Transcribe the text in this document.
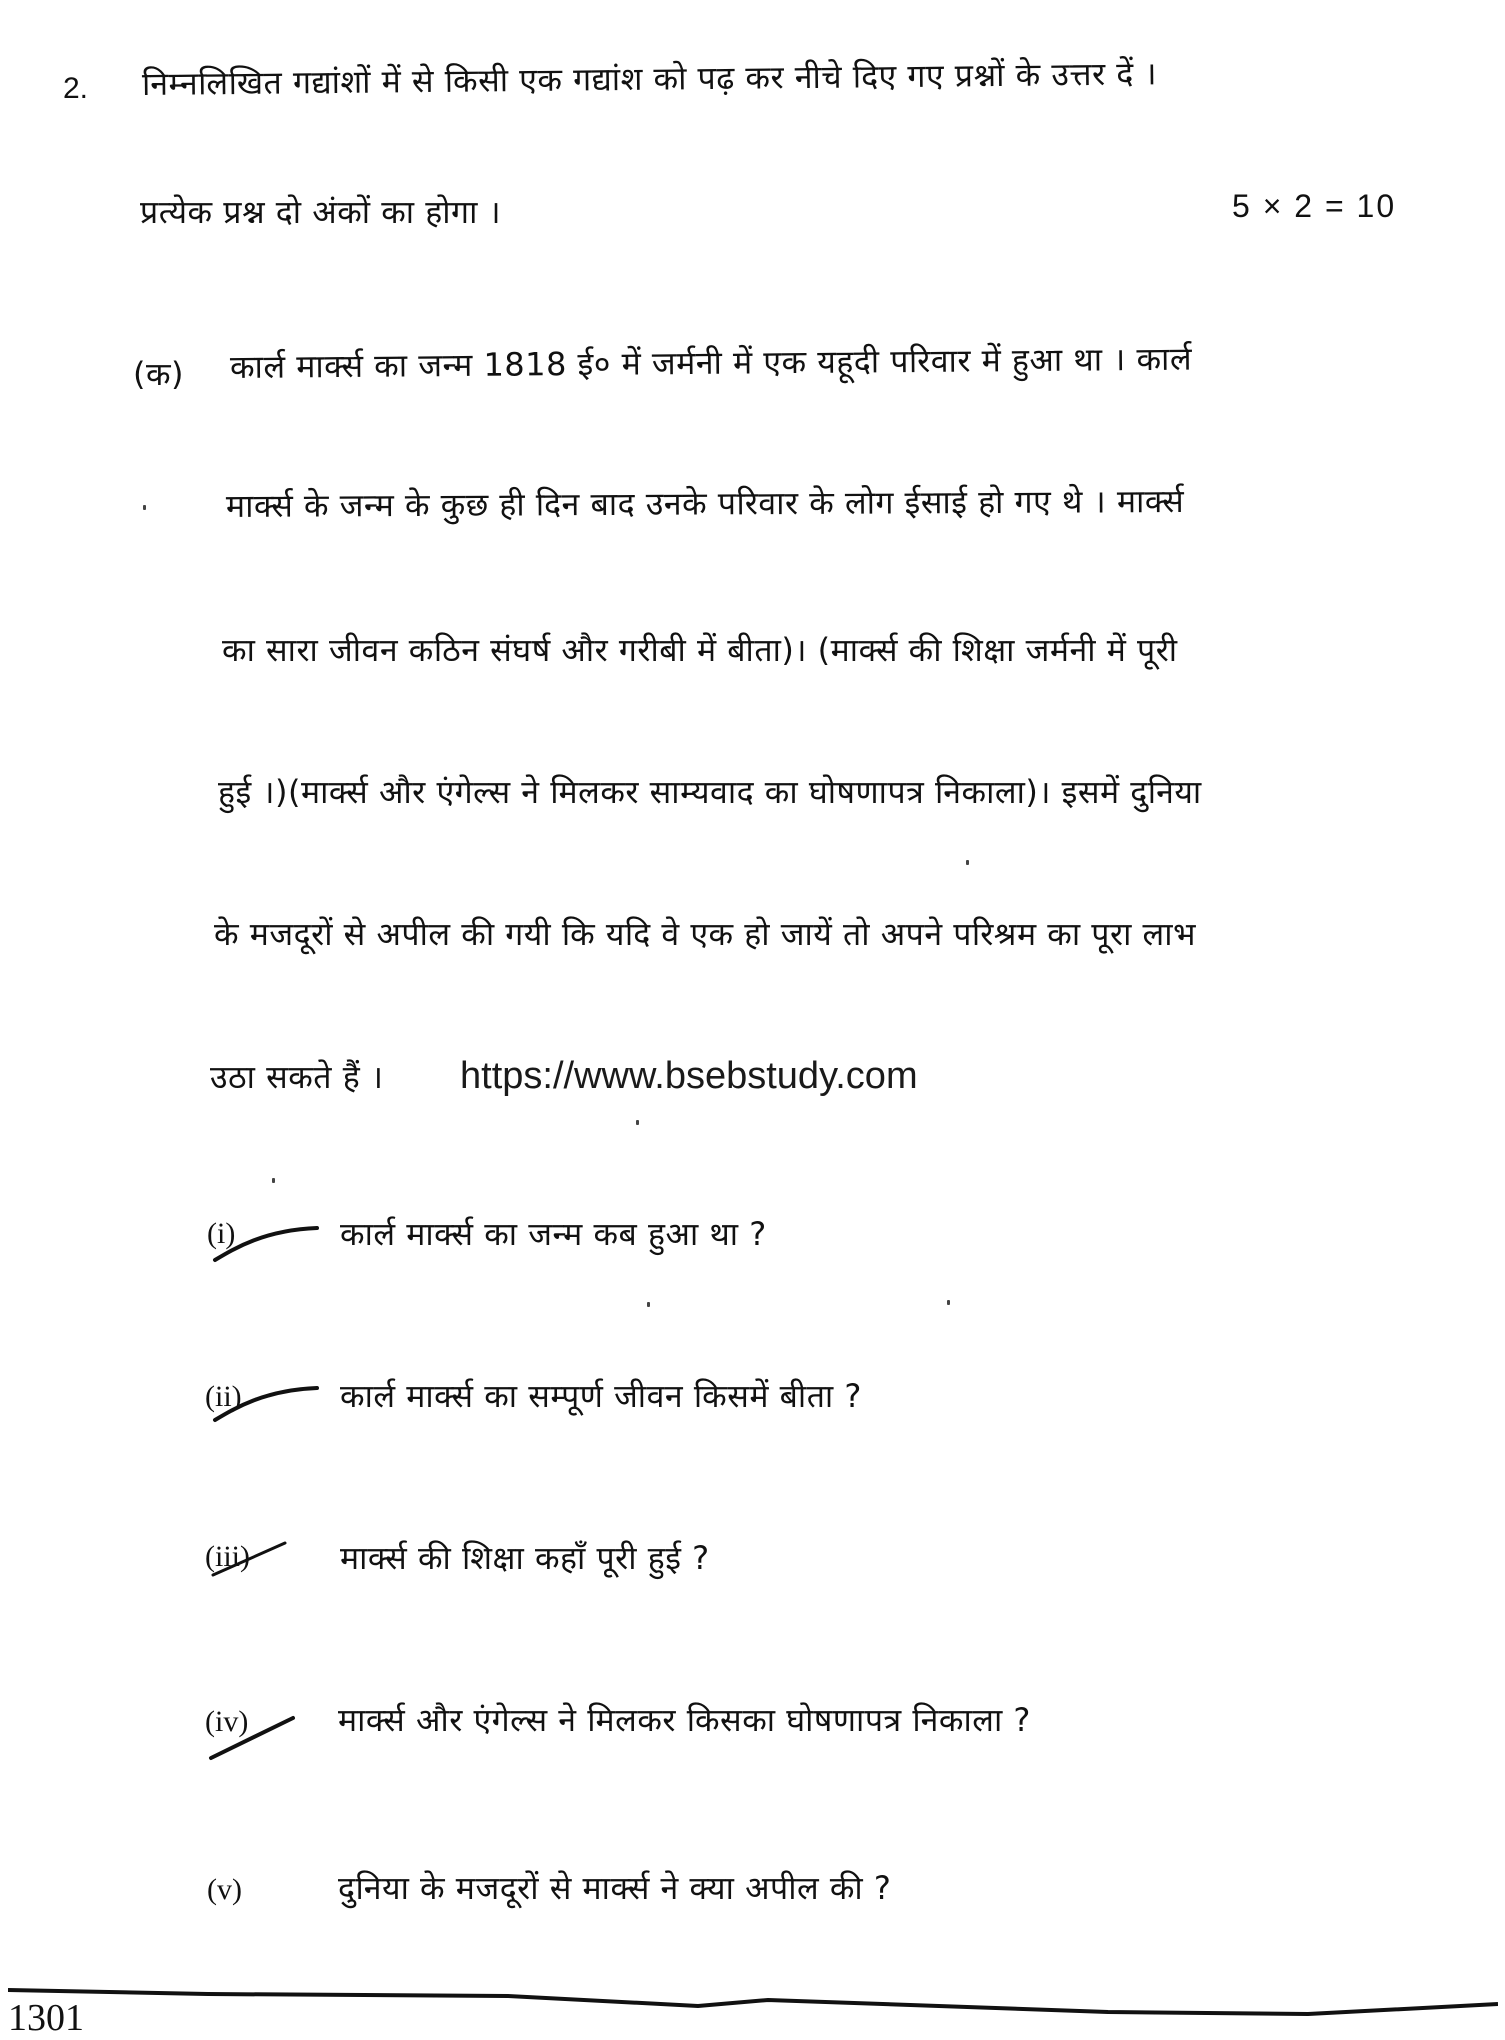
2. निम्नलिखित गद्यांशों में से किसी एक गद्यांश को पढ़ कर नीचे दिए गए प्रश्नों के उत्तर दें ।
प्रत्येक प्रश्न दो अंकों का होगा ।	5 × 2 = 10
(क) कार्ल मार्क्स का जन्म 1818 ई० में जर्मनी में एक यहूदी परिवार में हुआ था । कार्ल
मार्क्स के जन्म के कुछ ही दिन बाद उनके परिवार के लोग ईसाई हो गए थे । मार्क्स
का सारा जीवन कठिन संघर्ष और गरीबी में बीता)। (मार्क्स की शिक्षा जर्मनी में पूरी
हुई ।)(मार्क्स और एंगेल्स ने मिलकर साम्यवाद का घोषणापत्र निकाला)। इसमें दुनिया
के मजदूरों से अपील की गयी कि यदि वे एक हो जायें तो अपने परिश्रम का पूरा लाभ
उठा सकते हैं । https://www.bsebstudy.com
(i)	कार्ल मार्क्स का जन्म कब हुआ था ?
(ii)	कार्ल मार्क्स का सम्पूर्ण जीवन किसमें बीता ?
(iii)	मार्क्स की शिक्षा कहाँ पूरी हुई ?
(iv)	मार्क्स और एंगेल्स ने मिलकर किसका घोषणापत्र निकाला ?
(v)	दुनिया के मजदूरों से मार्क्स ने क्या अपील की ?
1301
